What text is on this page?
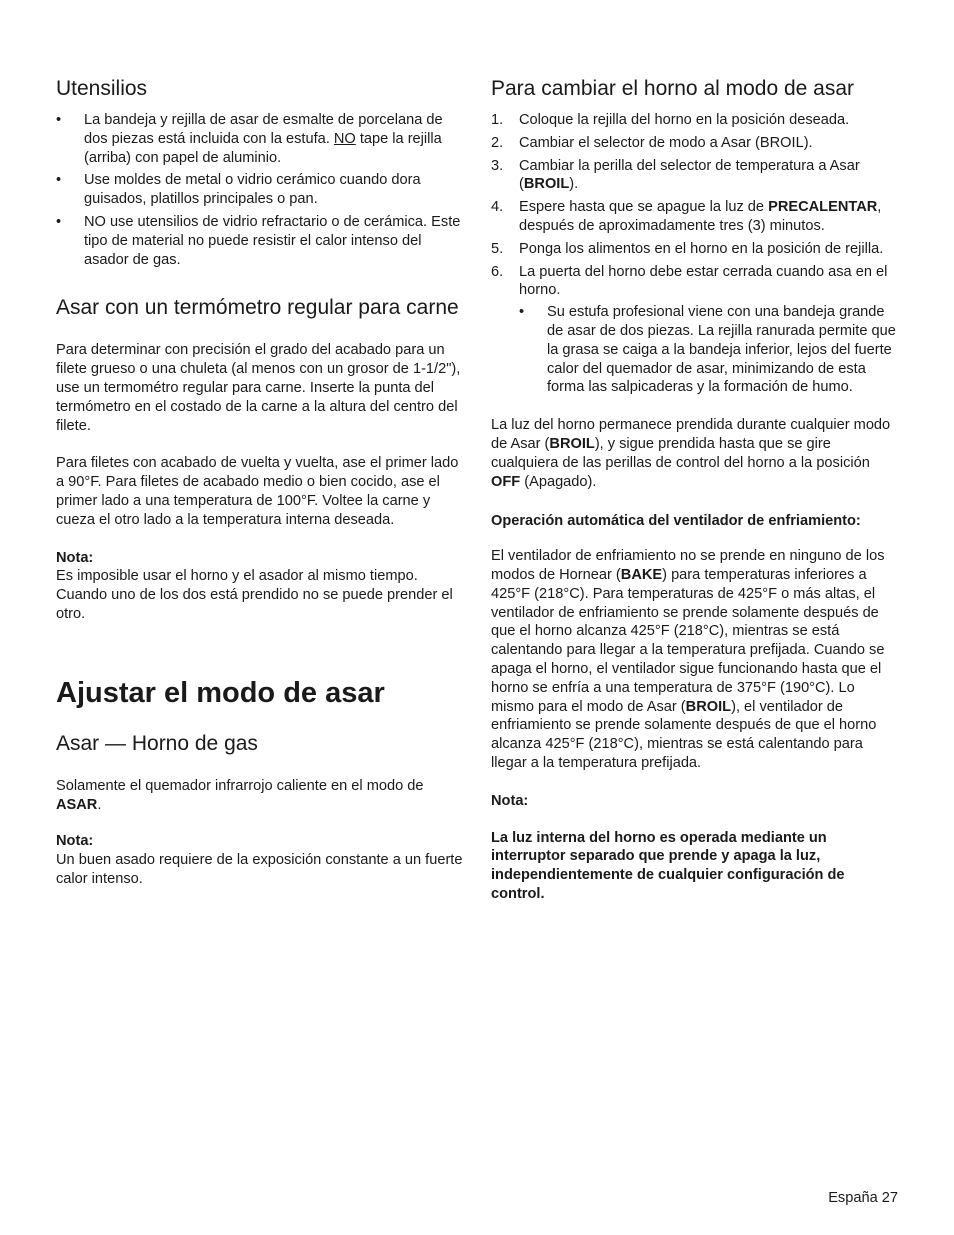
Utensilios
• La bandeja y rejilla de asar de esmalte de porcelana de dos piezas está incluida con la estufa. NO tape la rejilla (arriba) con papel de aluminio.
• Use moldes de metal o vidrio cerámico cuando dora guisados, platillos principales o pan.
• NO use utensilios de vidrio refractario o de cerámica. Este tipo de material no puede resistir el calor intenso del asador de gas.
Asar con un termómetro regular para carne

Para determinar con precisión el grado del acabado para un filete grueso o una chuleta (al menos con un grosor de 1-1/2"), use un termométro regular para carne. Inserte la punta del termómetro en el costado de la carne a la altura del centro del filete.

Para filetes con acabado de vuelta y vuelta, ase el primer lado a 90°F. Para filetes de acabado medio o bien cocido, ase el primer lado a una temperatura de 100°F. Voltee la carne y cueza el otro lado a la temperatura interna deseada.

Nota:

Es imposible usar el horno y el asador al mismo tiempo. Cuando uno de los dos está prendido no se puede prender el otro.

Ajustar el modo de asar
Asar — Horno de gas

Solamente el quemador infrarrojo caliente en el modo de ASAR.

Nota:

Un buen asado requiere de la exposición constante a un fuerte calor intenso.

Para cambiar el horno al modo de asar
1. Coloque la rejilla del horno en la posición deseada.
2. Cambiar el selector de modo a Asar (BROIL).
3. Cambiar la perilla del selector de temperatura a Asar (BROIL).
4. Espere hasta que se apague la luz de PRECALENTAR, después de aproximadamente tres (3) minutos.
5. Ponga los alimentos en el horno en la posición de rejilla.
6. La puerta del horno debe estar cerrada cuando asa en el horno.
• Su estufa profesional viene con una bandeja grande de asar de dos piezas. La rejilla ranurada permite que la grasa se caiga a la bandeja inferior, lejos del fuerte calor del quemador de asar, minimizando de esta forma las salpicaderas y la formación de humo.

La luz del horno permanece prendida durante cualquier modo de Asar (BROIL), y sigue prendida hasta que se gire cualquiera de las perillas de control del horno a la posición OFF (Apagado).

Operación automática del ventilador de enfriamiento:

El ventilador de enfriamiento no se prende en ninguno de los modos de Hornear (BAKE) para temperaturas inferiores a 425°F (218°C). Para temperaturas de 425°F o más altas, el ventilador de enfriamiento se prende solamente después de que el horno alcanza 425°F (218°C), mientras se está calentando para llegar a la temperatura prefijada. Cuando se apaga el horno, el ventilador sigue funcionando hasta que el horno se enfría a una temperatura de 375°F (190°C). Lo mismo para el modo de Asar (BROIL), el ventilador de enfriamiento se prende solamente después de que el horno alcanza 425°F (218°C), mientras se está calentando para llegar a la temperatura prefijada.

Nota:

La luz interna del horno es operada mediante un interruptor separado que prende y apaga la luz, independientemente de cualquier configuración de control.

España 27
